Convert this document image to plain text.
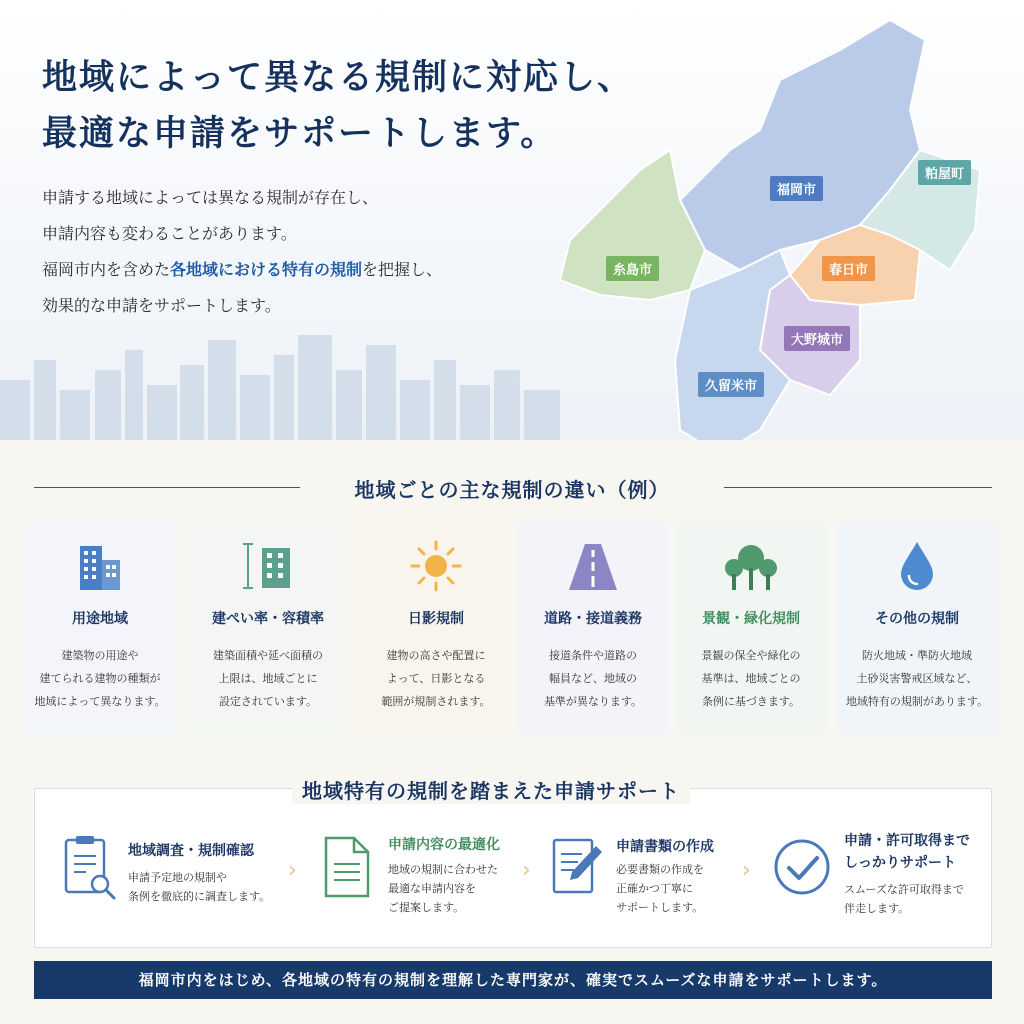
地域によって異なる規制に対応し、
最適な申請をサポートします。
申請する地域によっては異なる規制が存在し、
申請内容も変わることがあります。
福岡市内を含めた各地域における特有の規制を把握し、
効果的な申請をサポートします。
福岡市
粕屋町
糸島市	春日市
大野城市
久留米市
地域ごとの主な規制の違い（例）
用途地域
建築物の用途や
建てられる建物の種類が
地域によって異なります。
建ぺい率・容積率
建築面積や延べ面積の
上限は、地域ごとに
設定されています。
日影規制
建物の高さや配置に
よって、日影となる
範囲が規制されます。
道路・接道義務
接道条件や道路の
幅員など、地域の
基準が異なります。
景観・緑化規制
景観の保全や緑化の
基準は、地域ごとの
条例に基づきます。
その他の規制
防火地域・準防火地域
土砂災害警戒区域など、
地域特有の規制があります。
地域特有の規制を踏まえた申請サポート
地域調査・規制確認
申請予定地の規制や
条例を徹底的に調査します。
›
申請内容の最適化
地域の規制に合わせた
最適な申請内容を
ご提案します。
›
申請書類の作成
必要書類の作成を
正確かつ丁寧に
サポートします。
›
申請・許可取得まで
しっかりサポート
スムーズな許可取得まで
伴走します。
福岡市内をはじめ、各地域の特有の規制を理解した専門家が、確実でスムーズな申請をサポートします。
